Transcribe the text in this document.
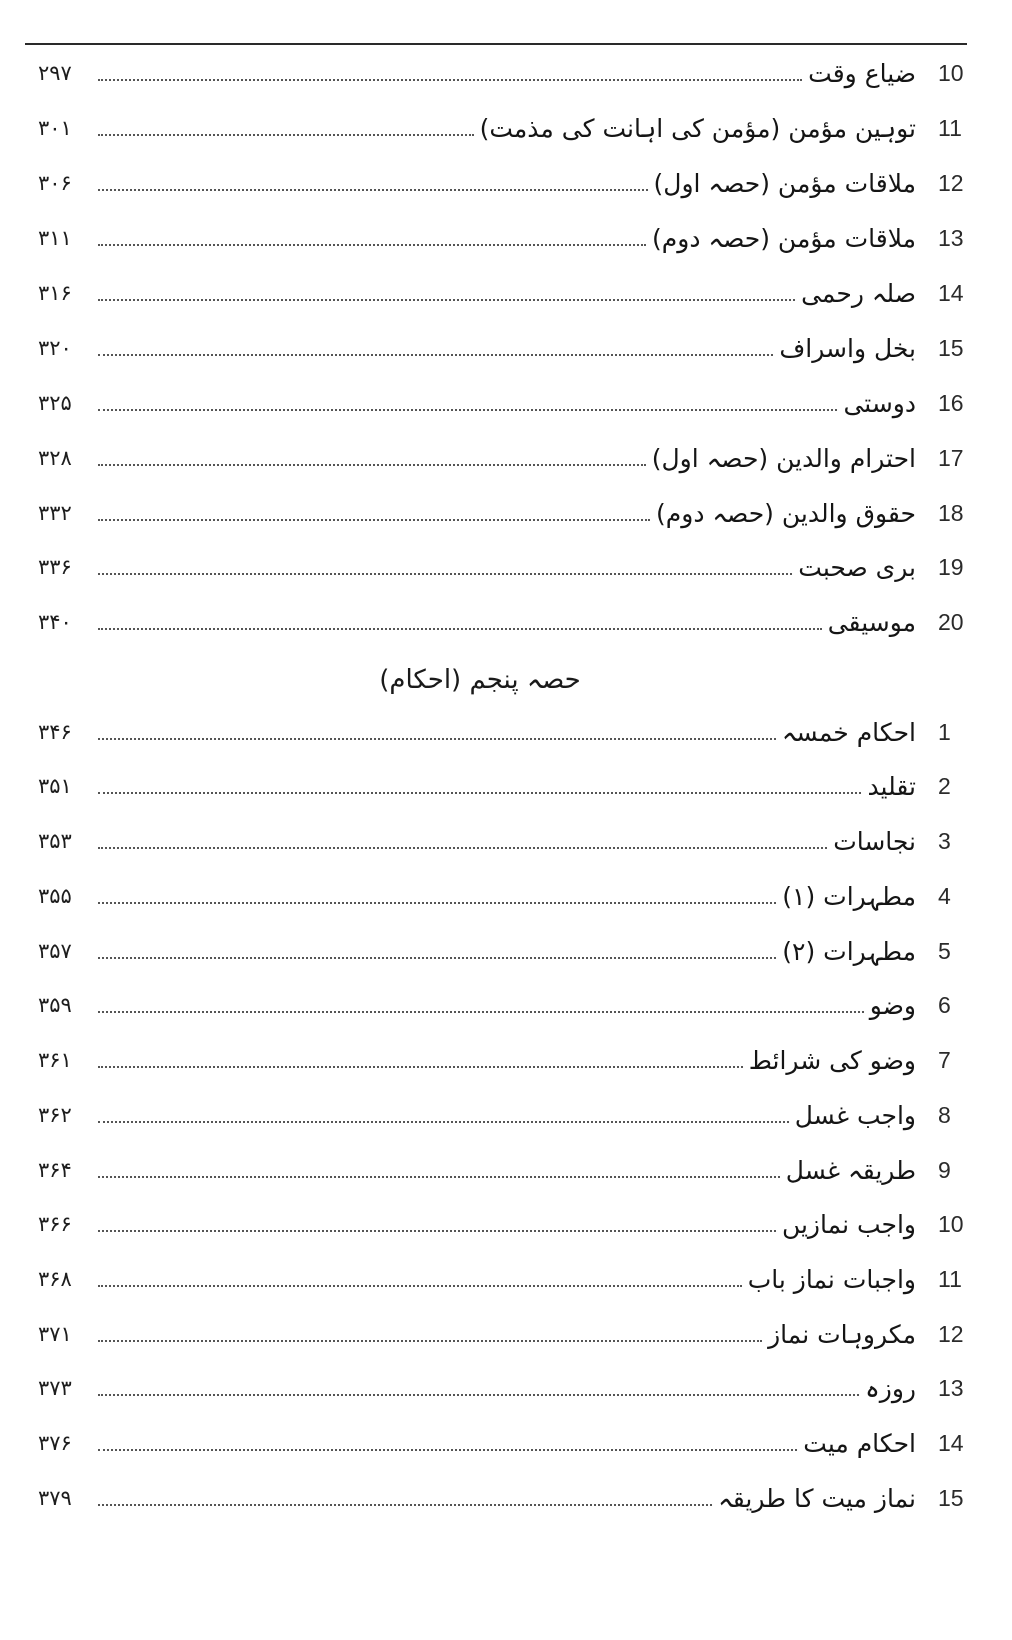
۲۹۷	ضیاع وقت 10
۳۰۱	توہین مؤمن (مؤمن کی اہانت کی مذمت) 11
۳۰۶	ملاقات مؤمن (حصہ اول) 12
۳۱۱	ملاقات مؤمن (حصہ دوم) 13
۳۱۶	صلہ رحمی 14
۳۲۰	بخل واسراف 15
۳۲۵	دوستی 16
۳۲۸	احترام والدین (حصہ اول) 17
۳۳۲	حقوق والدین (حصہ دوم) 18
۳۳۶	بری صحبت 19
۳۴۰	موسیقی 20
حصہ پنجم (احکام)
۳۴۶	احکام خمسہ 1
۳۵۱	تقلید 2
۳۵۳	نجاسات 3
۳۵۵	مطہرات (۱) 4
۳۵۷	مطہرات (۲) 5
۳۵۹	وضو 6
۳۶۱	وضو کی شرائط 7
۳۶۲	واجب غسل 8
۳۶۴	طریقہ غسل 9
۳۶۶	واجب نمازیں 10
۳۶۸	واجبات نماز باب 11
۳۷۱	مکروہات نماز 12
۳۷۳	روزہ 13
۳۷۶	احکام میت 14
۳۷۹	نماز میت کا طریقہ 15
